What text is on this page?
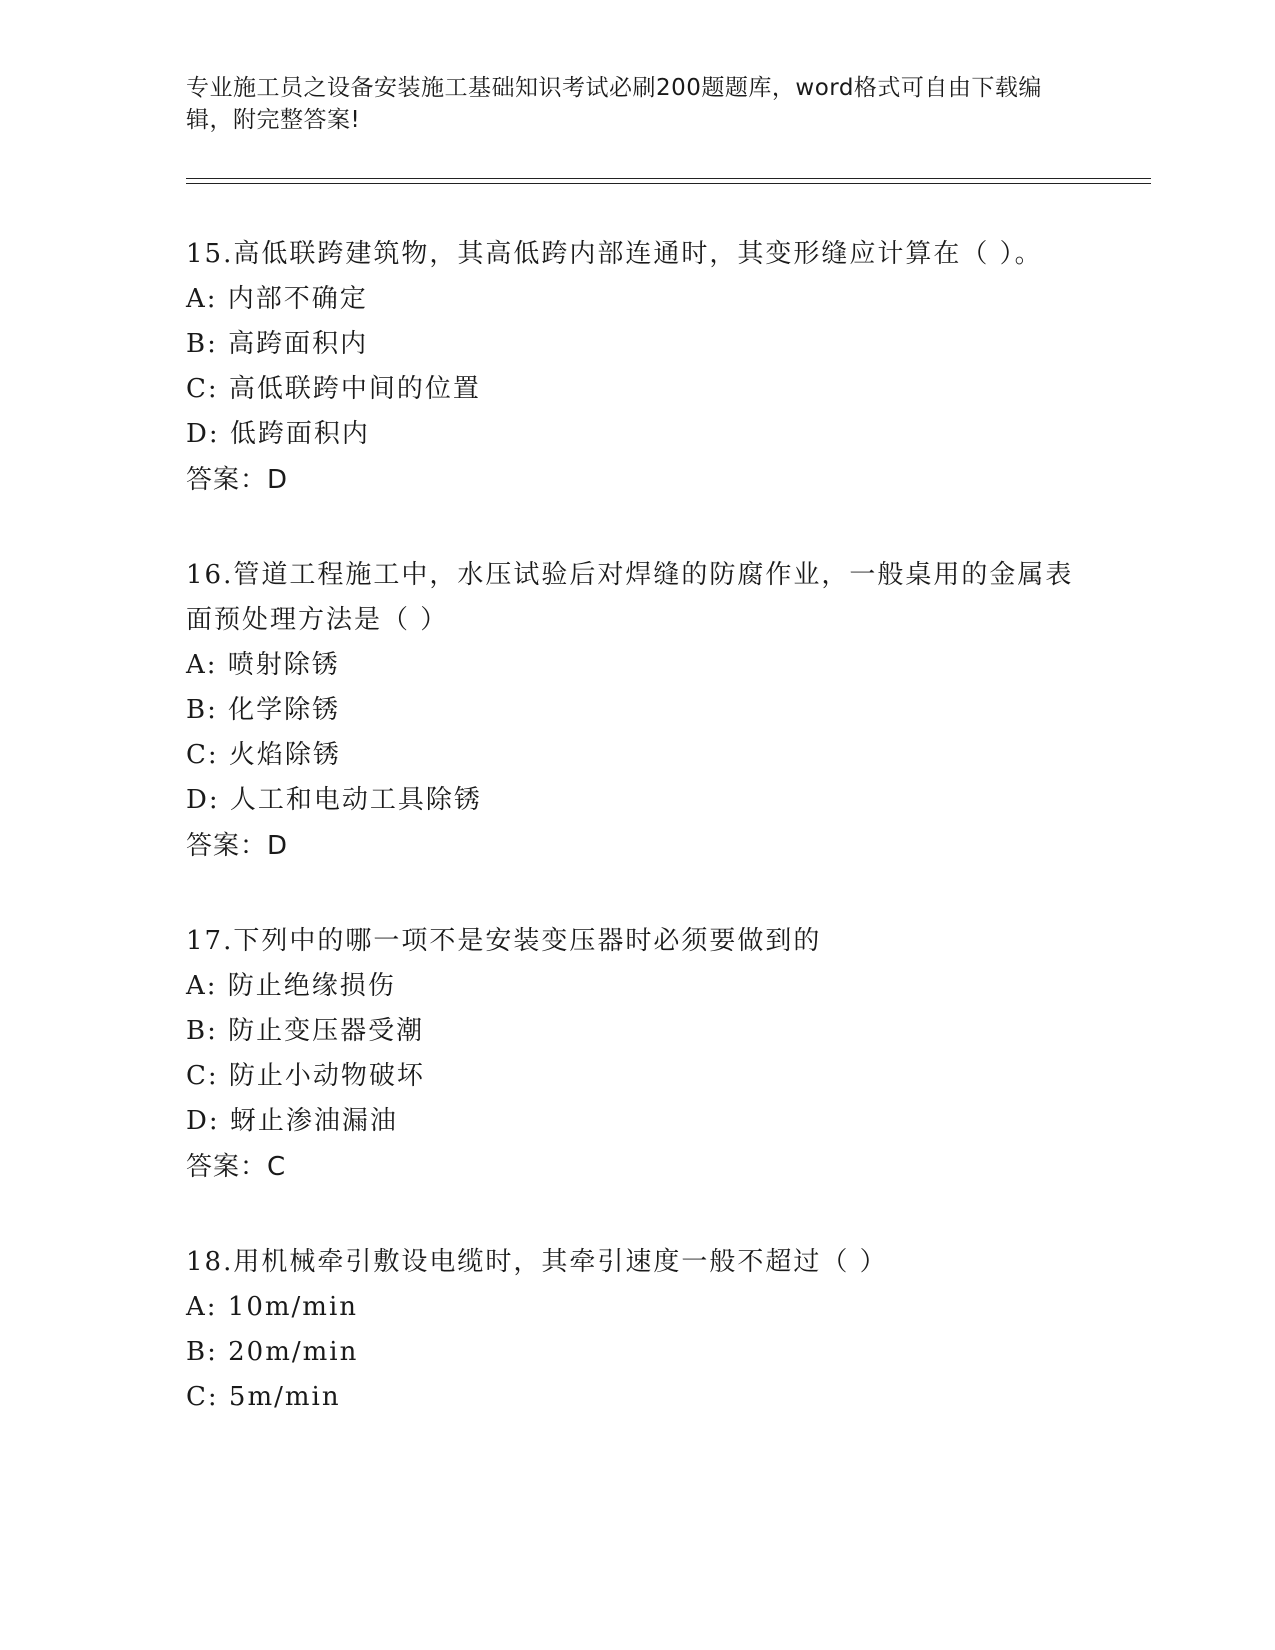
专业施工员之设备安装施工基础知识考试必刷200题题库，word格式可自由下载编辑，附完整答案!
15.高低联跨建筑物，其高低跨内部连通时，其变形缝应计算在（ ）。
A: 内部不确定
B: 高跨面积内
C: 高低联跨中间的位置
D: 低跨面积内
答案：D
16.管道工程施工中，水压试验后对焊缝的防腐作业，一般桌用的金属表面预处理方法是（ ）
A: 喷射除锈
B: 化学除锈
C: 火焰除锈
D: 人工和电动工具除锈
答案：D
17.下列中的哪一项不是安装变压器时必须要做到的
A: 防止绝缘损伤
B: 防止变压器受潮
C: 防止小动物破坏
D: 蚜止渗油漏油
答案：C
18.用机械牵引敷设电缆时，其牵引速度一般不超过（ ）
A: 10m/min
B: 20m/min
C: 5m/min
